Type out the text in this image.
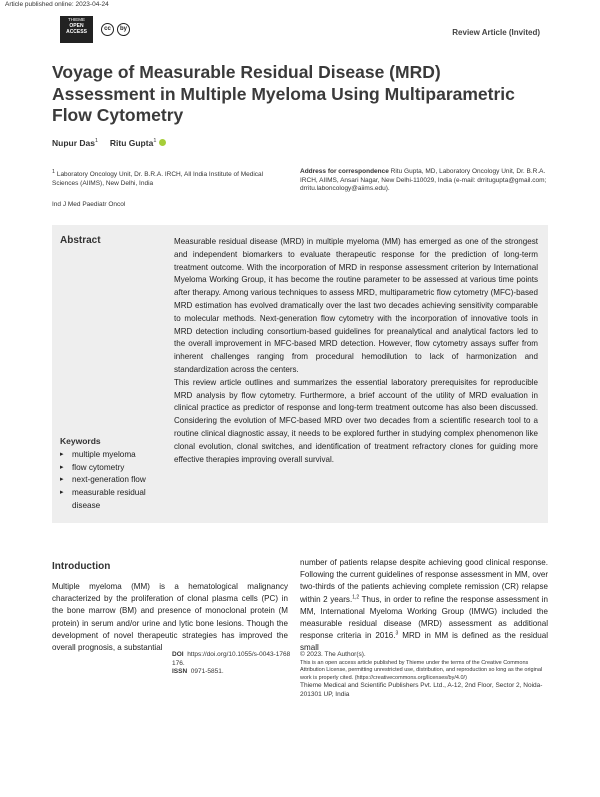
Article published online: 2023-04-24
THIEME
OPEN
ACCESS	cc	by	Review Article (Invited)
Voyage of Measurable Residual Disease (MRD) Assessment in Multiple Myeloma Using Multiparametric Flow Cytometry
Nupur Das$^1$ Ritu Gupta$^1$
$^1$ Laboratory Oncology Unit, Dr. B.R.A. IRCH, All India Institute of Medical Sciences (AIIMS), New Delhi, India
Ind J Med Paediatr Oncol
Address for correspondence Ritu Gupta, MD, Laboratory Oncology Unit, Dr. B.R.A. IRCH, AIIMS, Ansari Nagar, New Delhi-110029, India (e-mail: drritugupta@gmail.com; drritu.laboncology@aiims.edu).
Abstract	Measurable residual disease (MRD) in multiple myeloma (MM) has emerged as one of the strongest and independent biomarkers to evaluate therapeutic response for the prediction of long-term treatment outcome. With the incorporation of MRD in response assessment criterion by International Myeloma Working Group, it has become the routine parameter to be assessed at various time points after therapy. Among various techniques to assess MRD, multiparametric flow cytometry (MFC)-based MRD estimation has evolved dramatically over the last two decades achieving sensitivity comparable to molecular methods. Next-generation flow cytometry with the incorporation of innovative tools in MRD detection including consortium-based guidelines for preanalytical and analytical factors led to the overall improvement in MFC-based MRD detection. However, flow cytometry assays suffer from inherent challenges ranging from procedural hemodilution to lack of harmonization and standardization across the centers.

This review article outlines and summarizes the essential laboratory prerequisites for reproducible MRD analysis by flow cytometry. Furthermore, a brief account of the utility of MRD evaluation in clinical practice as predictor of response and long-term treatment outcome has also been discussed. Considering the evolution of MFC-based MRD over two decades from a scientific research tool to a routine clinical diagnostic assay, it needs to be explored further in studying complex phenomenon like clonal evolution, clonal switches, and identification of treatment refractory clones for guiding more effective therapies improving overall survival.

Keywords
▸ multiple myeloma
▸ flow cytometry
▸ next-generation flow
▸ measurable residual disease
Introduction
Multiple myeloma (MM) is a hematological malignancy characterized by the proliferation of clonal plasma cells (PC) in the bone marrow (BM) and presence of monoclonal protein (M protein) in serum and/or urine and lytic bone lesions. Though the development of novel therapeutic strategies has improved the overall prognosis, a substantial
number of patients relapse despite achieving good clinical response. Following the current guidelines of response assessment in MM, over two-thirds of the patients achieving complete remission (CR) relapse within 2 years.$^{1,2}$ Thus, in order to refine the response assessment in MM, International Myeloma Working Group (IMWG) included the measurable residual disease (MRD) assessment as additional response criteria in 2016.$^3$ MRD in MM is defined as the residual small
DOI https://doi.org/10.1055/s-0043-1768176.
ISSN 0971-5851.
© 2023. The Author(s).
This is an open access article published by Thieme under the terms of the Creative Commons Attribution License, permitting unrestricted use, distribution, and reproduction so long as the original work is properly cited. (https://creativecommons.org/licenses/by/4.0/)
Thieme Medical and Scientific Publishers Pvt. Ltd., A-12, 2nd Floor, Sector 2, Noida-201301 UP, India
